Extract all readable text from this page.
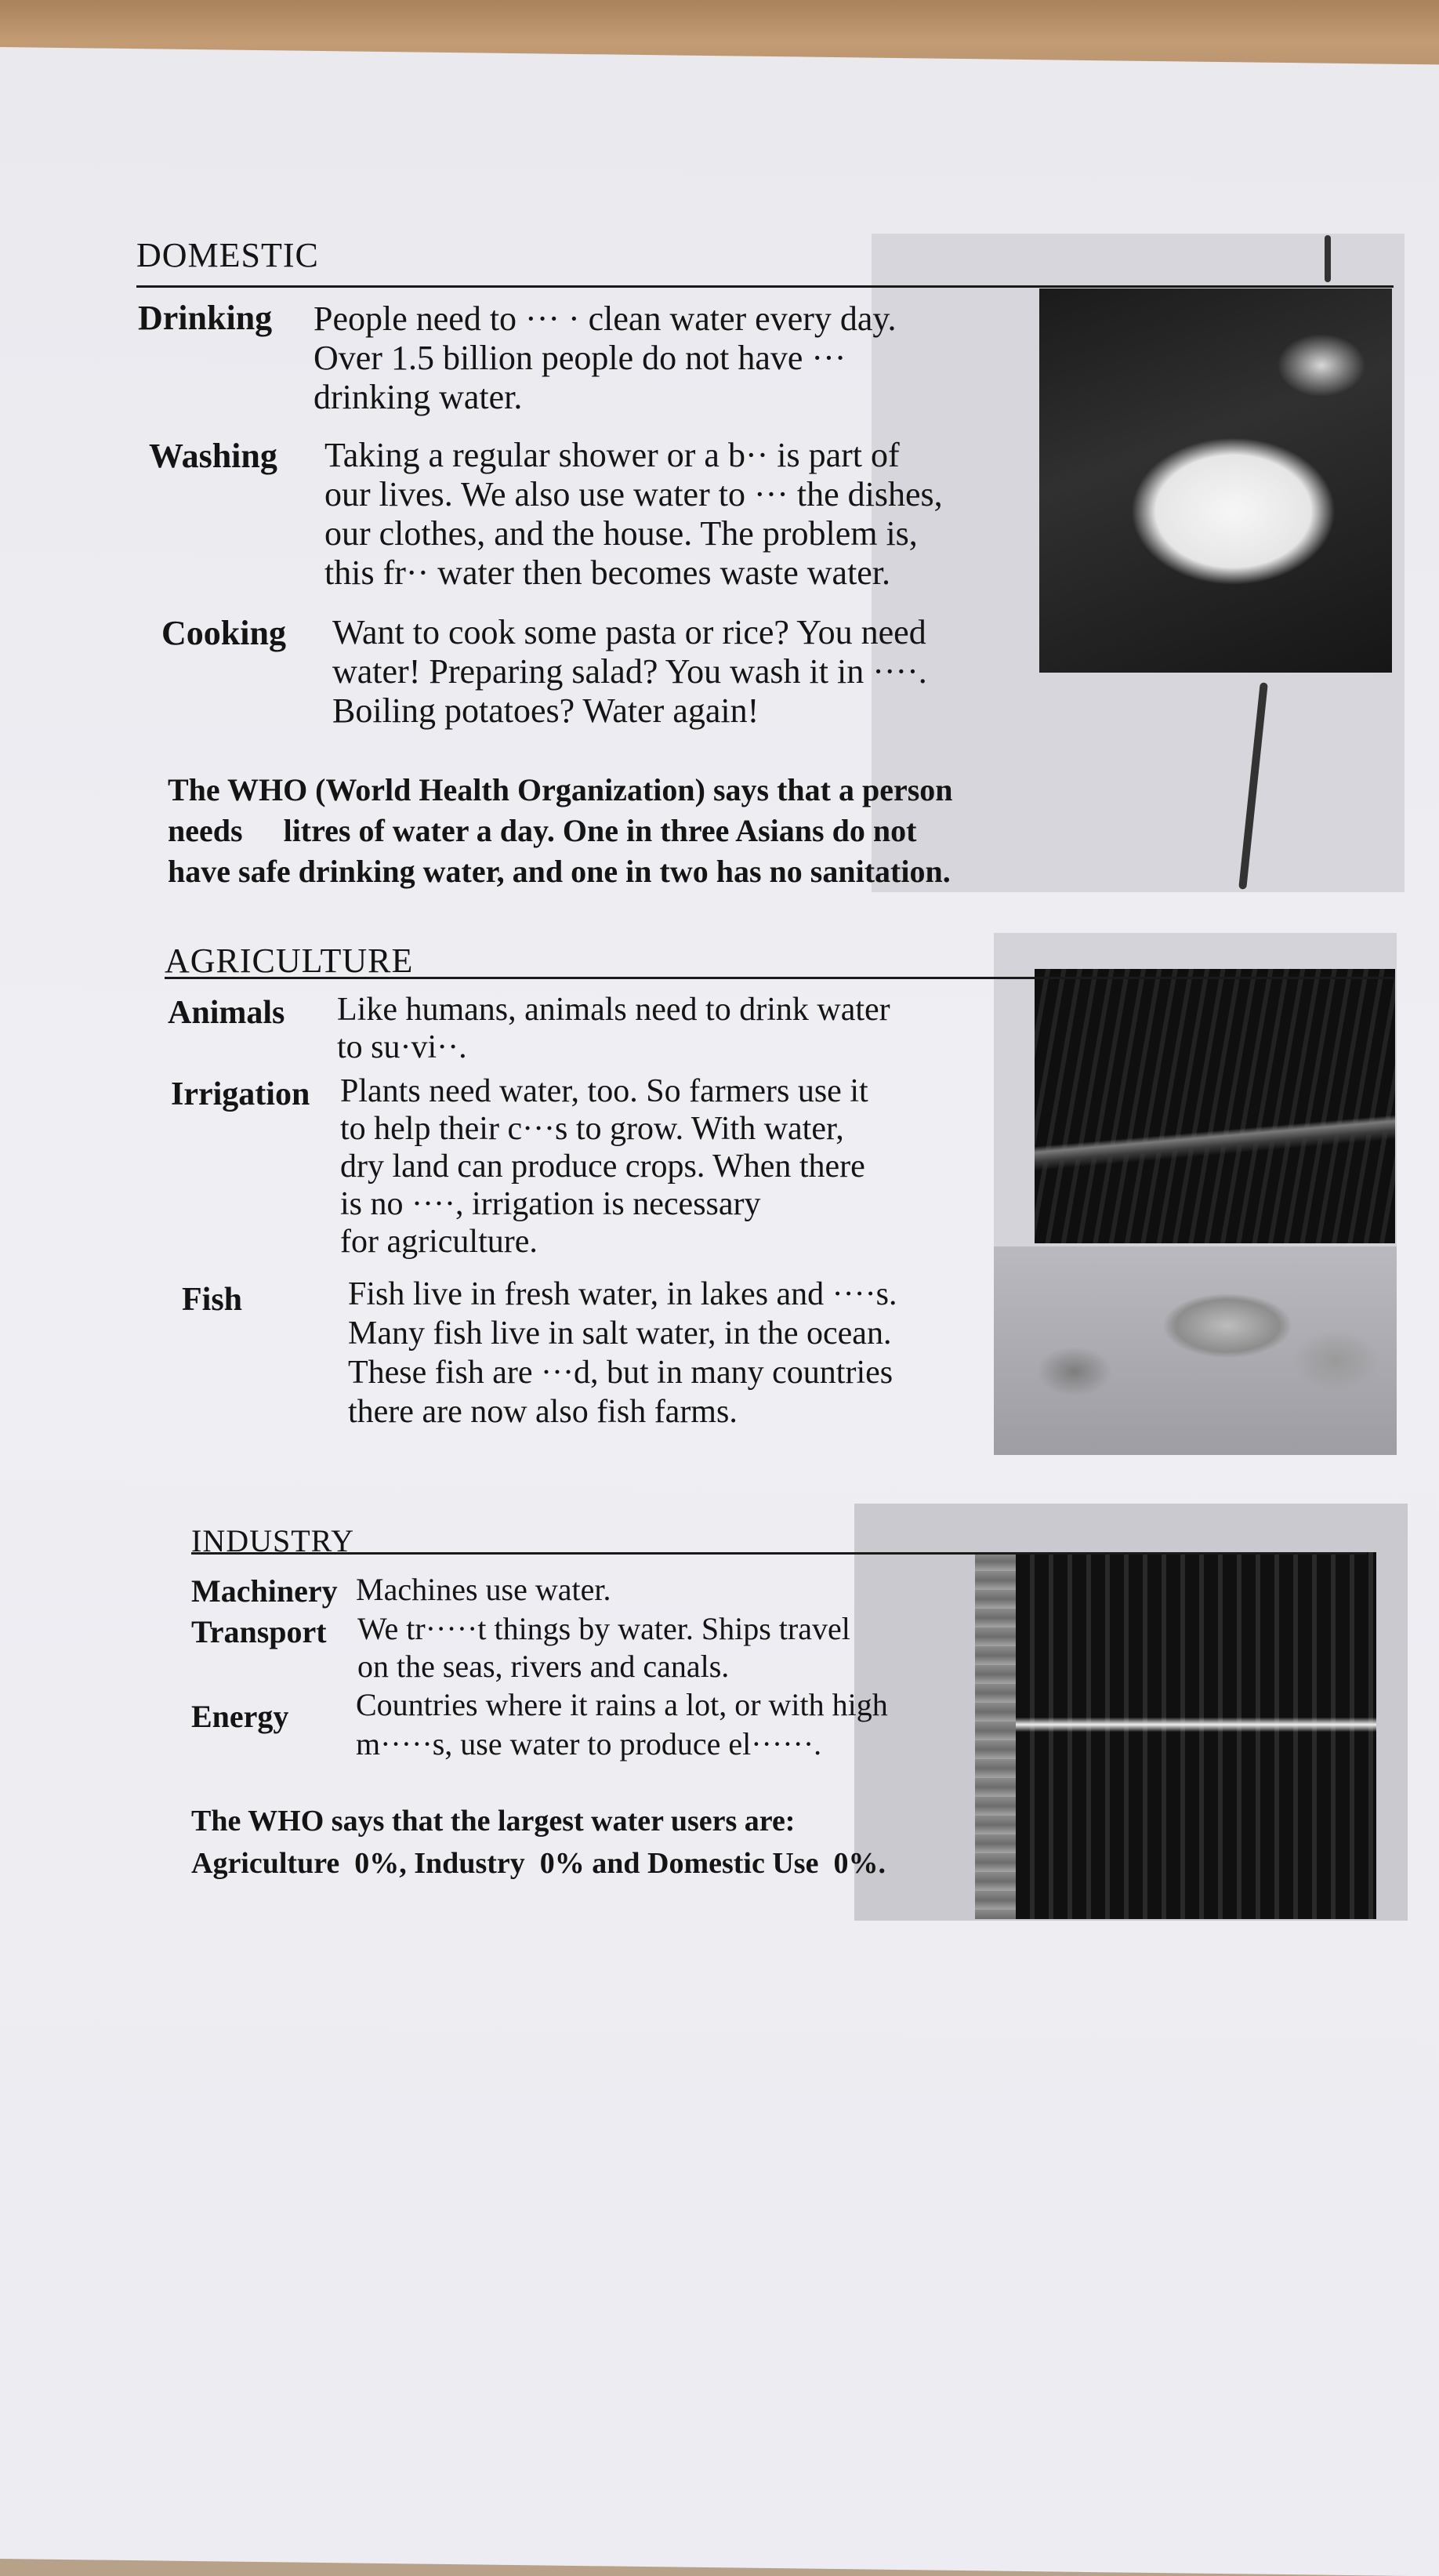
DOMESTIC
Drinking People need to ··· · clean water every day.
Over 1.5 billion people do not have ···
drinking water.
Washing Taking a regular shower or a b·· is part of
our lives. We also use water to ··· the dishes,
our clothes, and the house. The problem is,
this fr·· water then becomes waste water.
Cooking Want to cook some pasta or rice? You need
water! Preparing salad? You wash it in ····.
Boiling potatoes? Water again!
The WHO (World Health Organization) says that a person
needs litres of water a day. One in three Asians do not
have safe drinking water, and one in two has no sanitation.
AGRICULTURE
Animals Like humans, animals need to drink water
to su·vi··.
Irrigation Plants need water, too. So farmers use it
to help their c···s to grow. With water,
dry land can produce crops. When there
is no ····, irrigation is necessary
for agriculture.
Fish	Fish live in fresh water, in lakes and ····s.
Many fish live in salt water, in the ocean.
These fish are ···d, but in many countries
there are now also fish farms.
INDUSTRY
Machinery Machines use water.
Transport We tr·····t things by water. Ships travel
on the seas, rivers and canals.
Energy Countries where it rains a lot, or with high
m·····s, use water to produce el······.
The WHO says that the largest water users are:
Agriculture  0%, Industry  0% and Domestic Use  0%.
